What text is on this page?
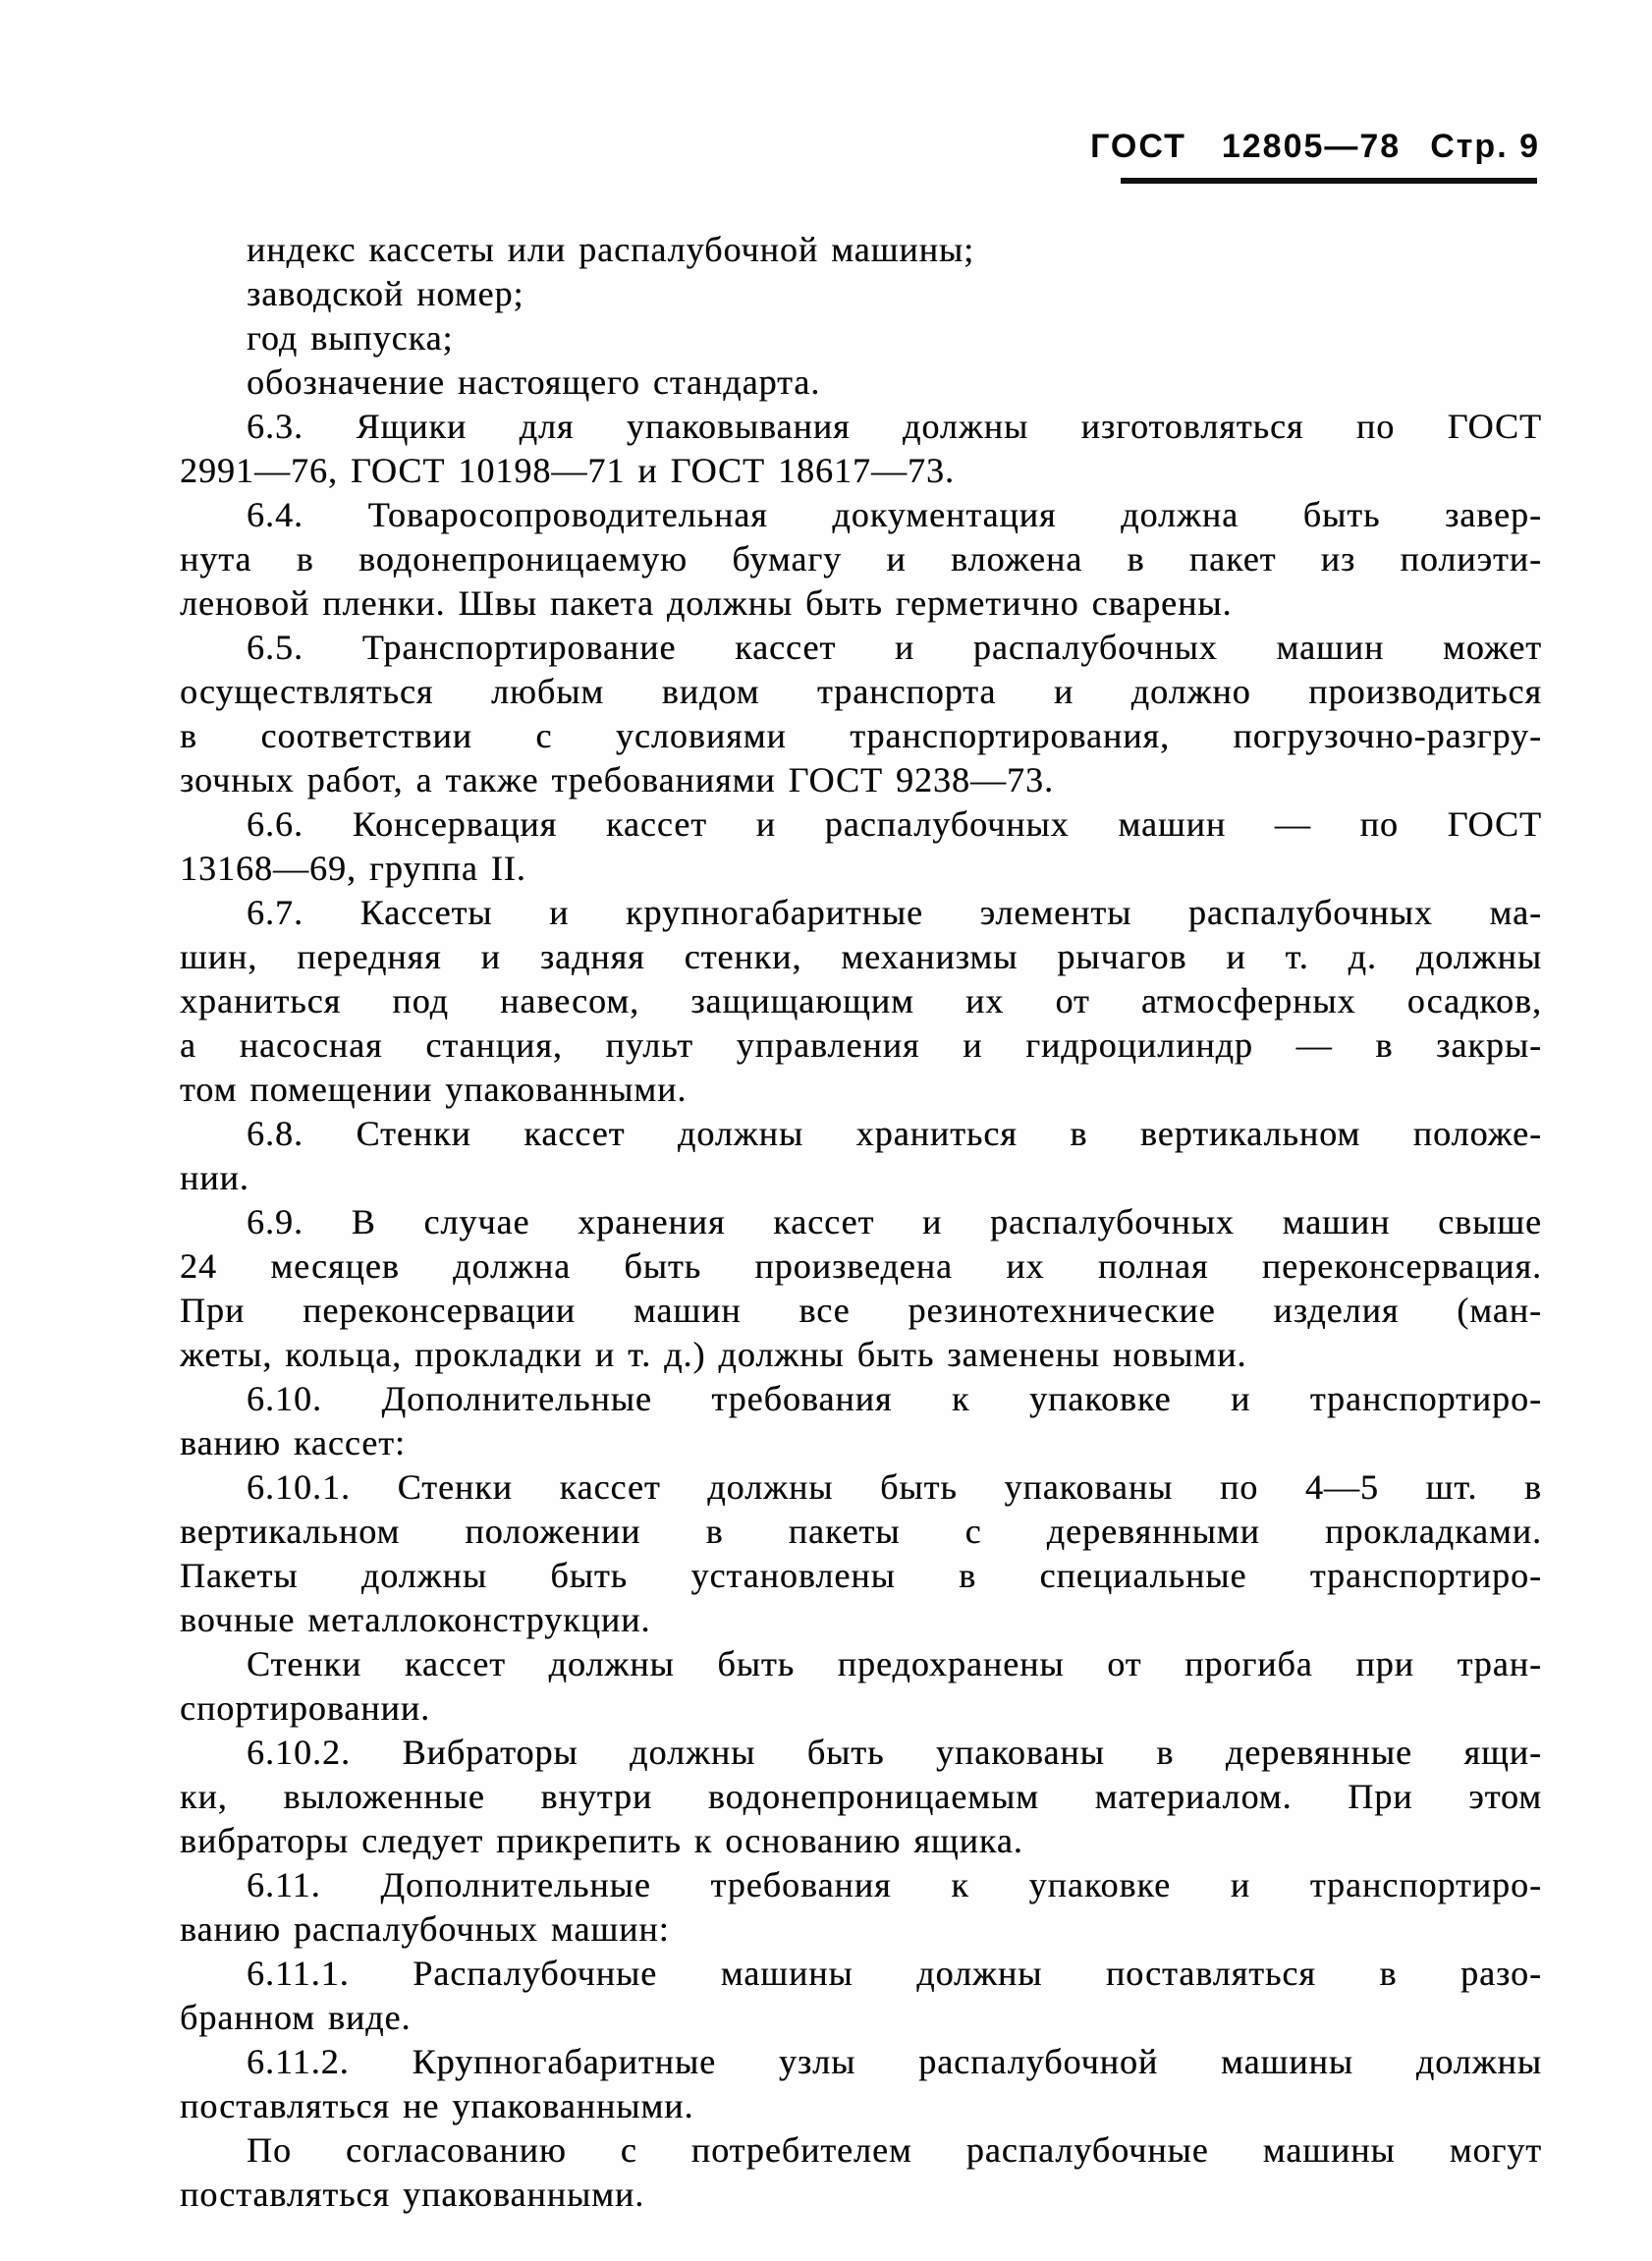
ГОСТ 12805—78 Стр. 9
индекс кассеты или распалубочной машины;
заводской номер;
год выпуска;
обозначение настоящего стандарта.
6.3. Ящики для упаковывания должны изготовляться по ГОСТ
2991—76, ГОСТ 10198—71 и ГОСТ 18617—73.
6.4. Товаросопроводительная документация должна быть завер-
нута в водонепроницаемую бумагу и вложена в пакет из полиэти-
леновой пленки. Швы пакета должны быть герметично сварены.
6.5. Транспортирование кассет и распалубочных машин может
осуществляться любым видом транспорта и должно производиться
в соответствии с условиями транспортирования, погрузочно-разгру-
зочных работ, а также требованиями ГОСТ 9238—73.
6.6. Консервация кассет и распалубочных машин — по ГОСТ
13168—69, группа II.
6.7. Кассеты и крупногабаритные элементы распалубочных ма-
шин, передняя и задняя стенки, механизмы рычагов и т. д. должны
храниться под навесом, защищающим их от атмосферных осадков,
а насосная станция, пульт управления и гидроцилиндр — в закры-
том помещении упакованными.
6.8. Стенки кассет должны храниться в вертикальном положе-
нии.
6.9. В случае хранения кассет и распалубочных машин свыше
24 месяцев должна быть произведена их полная переконсервация.
При переконсервации машин все резинотехнические изделия (ман-
жеты, кольца, прокладки и т. д.) должны быть заменены новыми.
6.10. Дополнительные требования к упаковке и транспортиро-
ванию кассет:
6.10.1. Стенки кассет должны быть упакованы по 4—5 шт. в
вертикальном положении в пакеты с деревянными прокладками.
Пакеты должны быть установлены в специальные транспортиро-
вочные металлоконструкции.
Стенки кассет должны быть предохранены от прогиба при тран-
спортировании.
6.10.2. Вибраторы должны быть упакованы в деревянные ящи-
ки, выложенные внутри водонепроницаемым материалом. При этом
вибраторы следует прикрепить к основанию ящика.
6.11. Дополнительные требования к упаковке и транспортиро-
ванию распалубочных машин:
6.11.1. Распалубочные машины должны поставляться в разо-
бранном виде.
6.11.2. Крупногабаритные узлы распалубочной машины должны
поставляться не упакованными.
По согласованию с потребителем распалубочные машины могут
поставляться упакованными.
